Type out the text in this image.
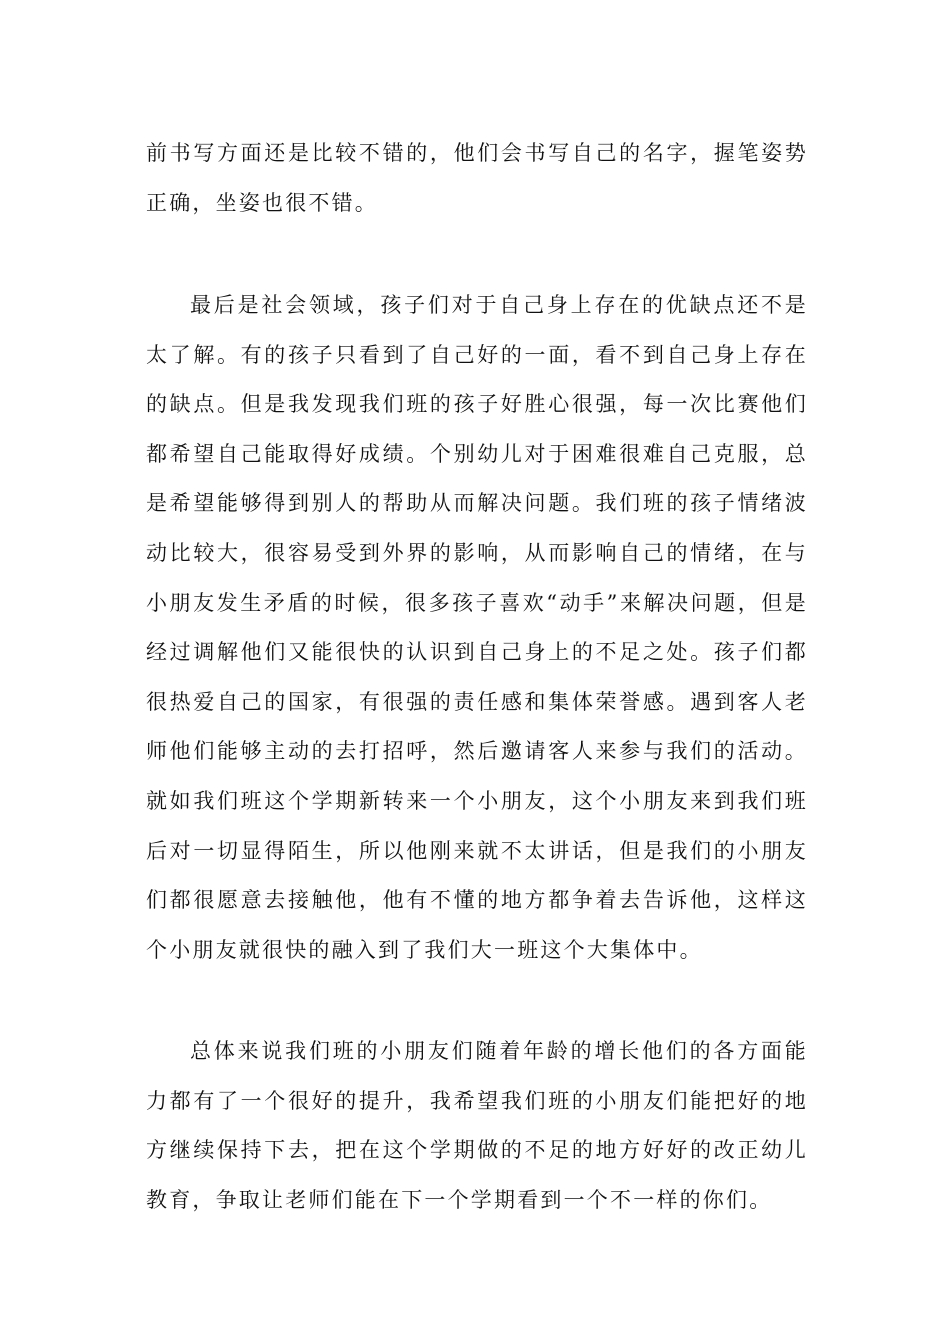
前书写方面还是比较不错的，他们会书写自己的名字，握笔姿势正确，坐姿也很不错。

最后是社会领域，孩子们对于自己身上存在的优缺点还不是太了解。有的孩子只看到了自己好的一面，看不到自己身上存在的缺点。但是我发现我们班的孩子好胜心很强，每一次比赛他们都希望自己能取得好成绩。个别幼儿对于困难很难自己克服，总是希望能够得到别人的帮助从而解决问题。我们班的孩子情绪波动比较大，很容易受到外界的影响，从而影响自己的情绪，在与小朋友发生矛盾的时候，很多孩子喜欢“动手”来解决问题，但是经过调解他们又能很快的认识到自己身上的不足之处。孩子们都很热爱自己的国家，有很强的责任感和集体荣誉感。遇到客人老师他们能够主动的去打招呼，然后邀请客人来参与我们的活动。就如我们班这个学期新转来一个小朋友，这个小朋友来到我们班后对一切显得陌生，所以他刚来就不太讲话，但是我们的小朋友们都很愿意去接触他，他有不懂的地方都争着去告诉他，这样这个小朋友就很快的融入到了我们大一班这个大集体中。

总体来说我们班的小朋友们随着年龄的增长他们的各方面能力都有了一个很好的提升，我希望我们班的小朋友们能把好的地方继续保持下去，把在这个学期做的不足的地方好好的改正幼儿教育，争取让老师们能在下一个学期看到一个不一样的你们。
